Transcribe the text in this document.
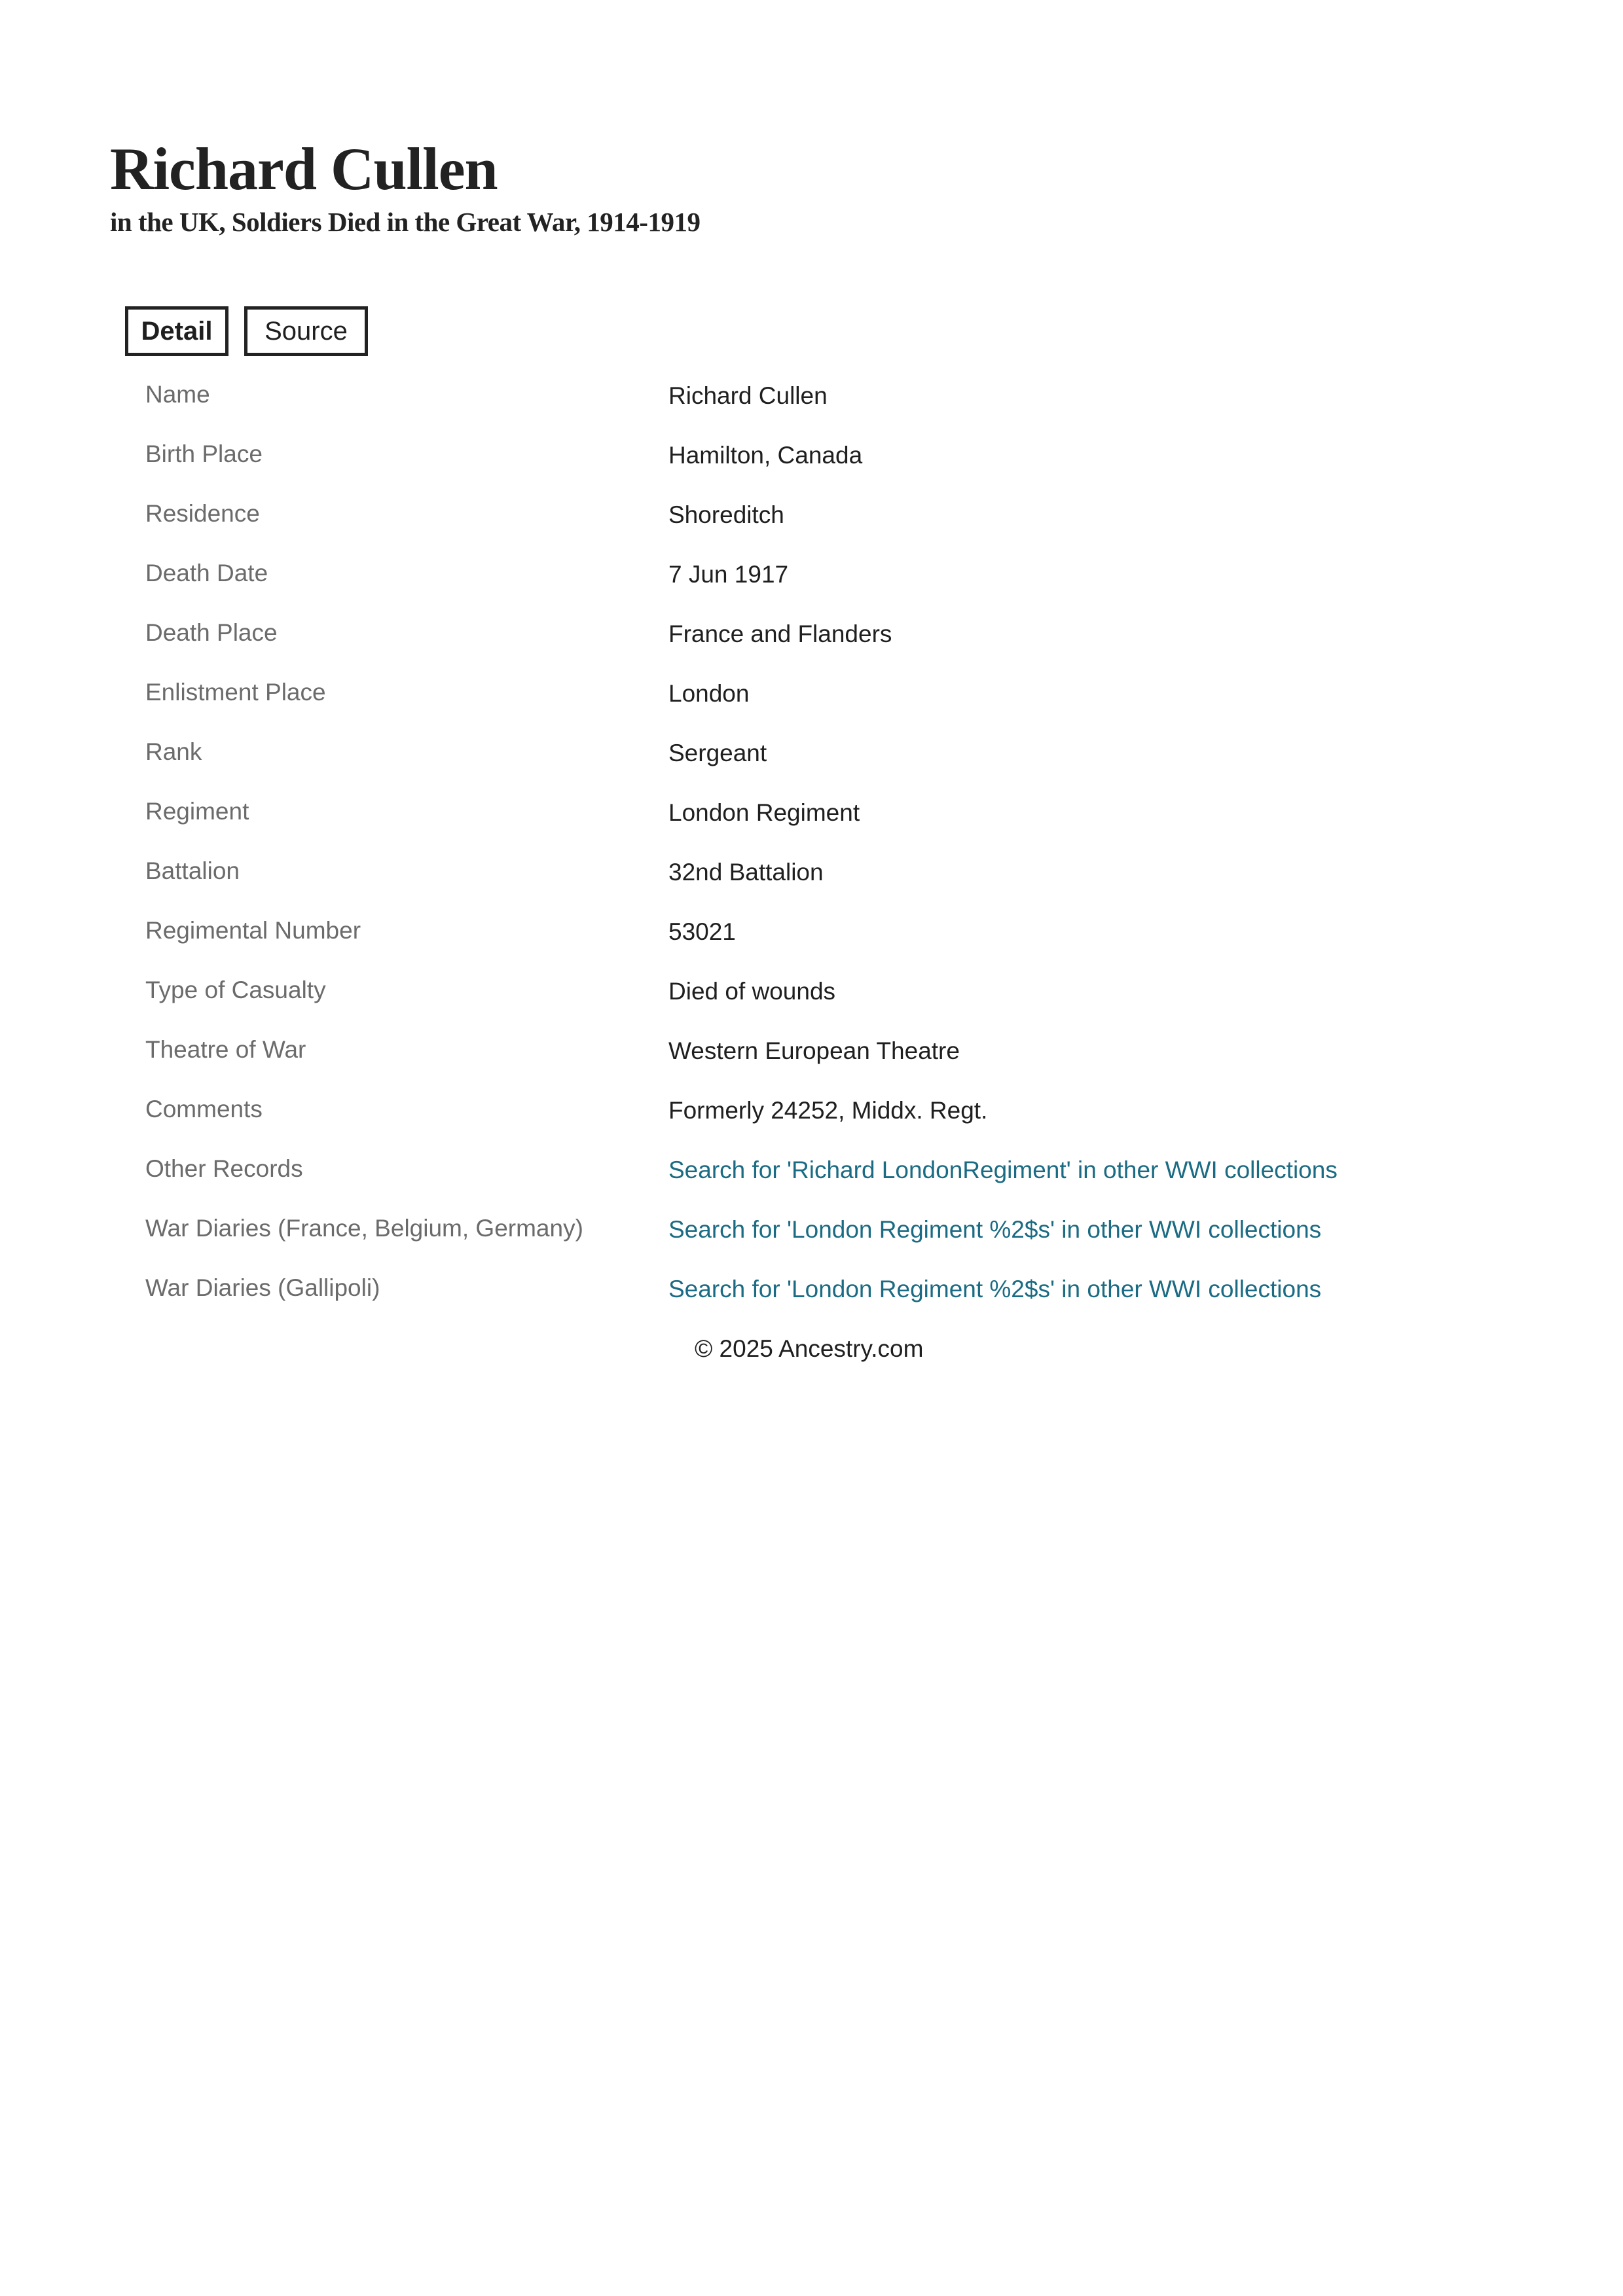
Richard Cullen
in the UK, Soldiers Died in the Great War, 1914-1919
Detail	Source
Name	Richard Cullen
Birth Place	Hamilton, Canada
Residence	Shoreditch
Death Date	7 Jun 1917
Death Place	France and Flanders
Enlistment Place	London
Rank	Sergeant
Regiment	London Regiment
Battalion	32nd Battalion
Regimental Number	53021
Type of Casualty	Died of wounds
Theatre of War	Western European Theatre
Comments	Formerly 24252, Middx. Regt.
Other Records	Search for 'Richard LondonRegiment' in other WWI collections
War Diaries (France, Belgium, Germany)	Search for 'London Regiment %2$s' in other WWI collections
War Diaries (Gallipoli)	Search for 'London Regiment %2$s' in other WWI collections
© 2025 Ancestry.com
